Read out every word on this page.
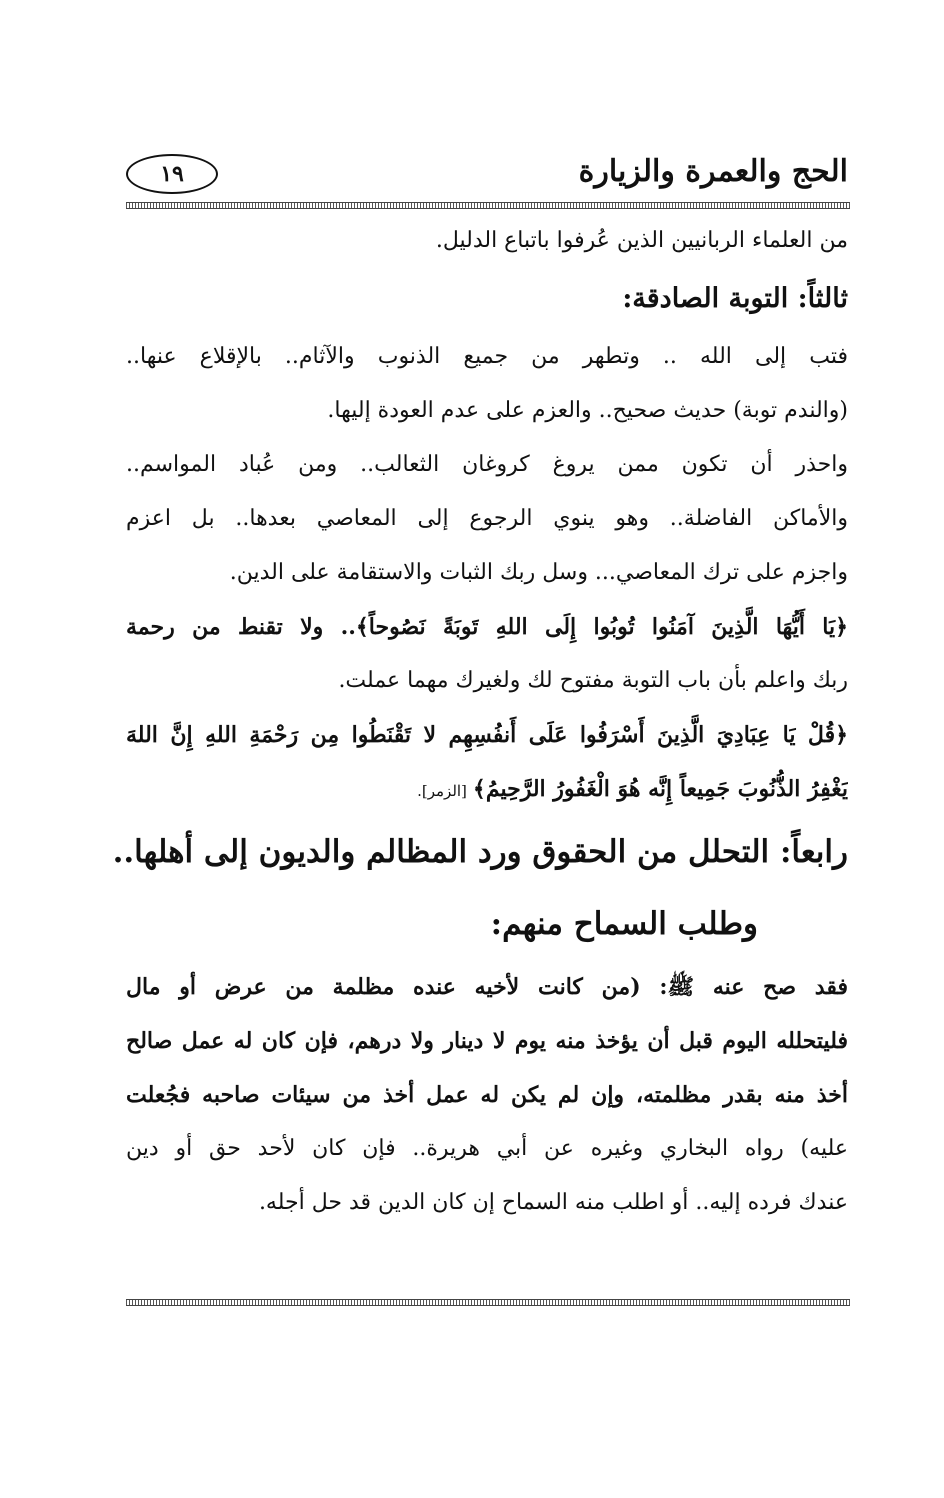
الحج والعمرة والزيارة
١٩
من العلماء الربانيين الذين عُرفوا باتباع الدليل.
ثالثاً: التوبة الصادقة:
فتب إلى الله .. وتطهر من جميع الذنوب والآثام.. بالإقلاع عنها..
(والندم توبة) حديث صحيح.. والعزم على عدم العودة إليها.
واحذر أن تكون ممن يروغ كروغان الثعالب.. ومن عُباد المواسم..
والأماكن الفاضلة.. وهو ينوي الرجوع إلى المعاصي بعدها.. بل اعزم
واجزم على ترك المعاصي... وسل ربك الثبات والاستقامة على الدين.
﴿يَا أَيُّهَا الَّذِينَ آمَنُوا تُوبُوا إِلَى اللهِ تَوبَةً نَصُوحاً﴾.. ولا تقنط من رحمة
ربك واعلم بأن باب التوبة مفتوح لك ولغيرك مهما عملت.
﴿قُلْ يَا عِبَادِيَ الَّذِينَ أَسْرَفُوا عَلَى أَنفُسِهِم لا تَقْنَطُوا مِن رَحْمَةِ اللهِ إِنَّ اللهَ
يَغْفِرُ الذُّنُوبَ جَمِيعاً إِنَّه هُوَ الْغَفُورُ الرَّحِيمُ﴾[الزمر].
رابعاً: التحلل من الحقوق ورد المظالم والديون إلى أهلها..
وطلب السماح منهم:
فقد صح عنه ﷺ: (من كانت لأخيه عنده مظلمة من عرض أو مال
فليتحلله اليوم قبل أن يؤخذ منه يوم لا دينار ولا درهم، فإن كان له عمل صالح
أخذ منه بقدر مظلمته، وإن لم يكن له عمل أخذ من سيئات صاحبه فجُعلت
عليه) رواه البخاري وغيره عن أبي هريرة.. فإن كان لأحد حق أو دين
عندك فرده إليه.. أو اطلب منه السماح إن كان الدين قد حل أجله.
